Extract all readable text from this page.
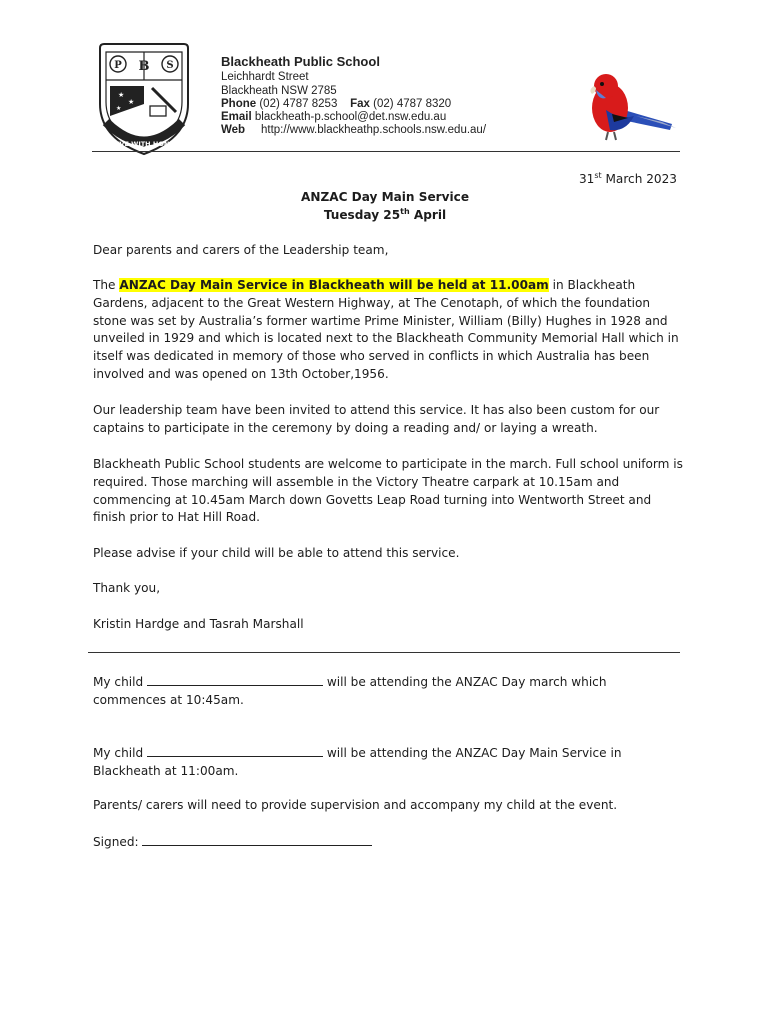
P B S
★
★
★
STRIVE WITH HONOUR
Blackheath Public School
Leichhardt Street
Blackheath NSW 2785
Phone (02) 4787 8253 Fax (02) 4787 8320
Email blackheath-p.school@det.nsw.edu.au
Web http://www.blackheathp.schools.nsw.edu.au/
31st March 2023
ANZAC Day Main Service
Tuesday 25th April

Dear parents and carers of the Leadership team,

The ANZAC Day Main Service in Blackheath will be held at 11.00am in Blackheath Gardens, adjacent to the Great Western Highway, at The Cenotaph, of which the foundation stone was set by Australia’s former wartime Prime Minister, William (Billy) Hughes in 1928 and unveiled in 1929 and which is located next to the Blackheath Community Memorial Hall which in itself was dedicated in memory of those who served in conflicts in which Australia has been involved and was opened on 13th October,1956.

Our leadership team have been invited to attend this service. It has also been custom for our captains to participate in the ceremony by doing a reading and/ or laying a wreath.

Blackheath Public School students are welcome to participate in the march. Full school uniform is required. Those marching will assemble in the Victory Theatre carpark at 10.15am and commencing at 10.45am March down Govetts Leap Road turning into Wentworth Street and finish prior to Hat Hill Road.

Please advise if your child will be able to attend this service.

Thank you,

Kristin Hardge and Tasrah Marshall

My child	will be attending the ANZAC Day march which commences at 10:45am.

My child	will be attending the ANZAC Day Main Service in Blackheath at 11:00am.

Parents/ carers will need to provide supervision and accompany my child at the event.

Signed:
